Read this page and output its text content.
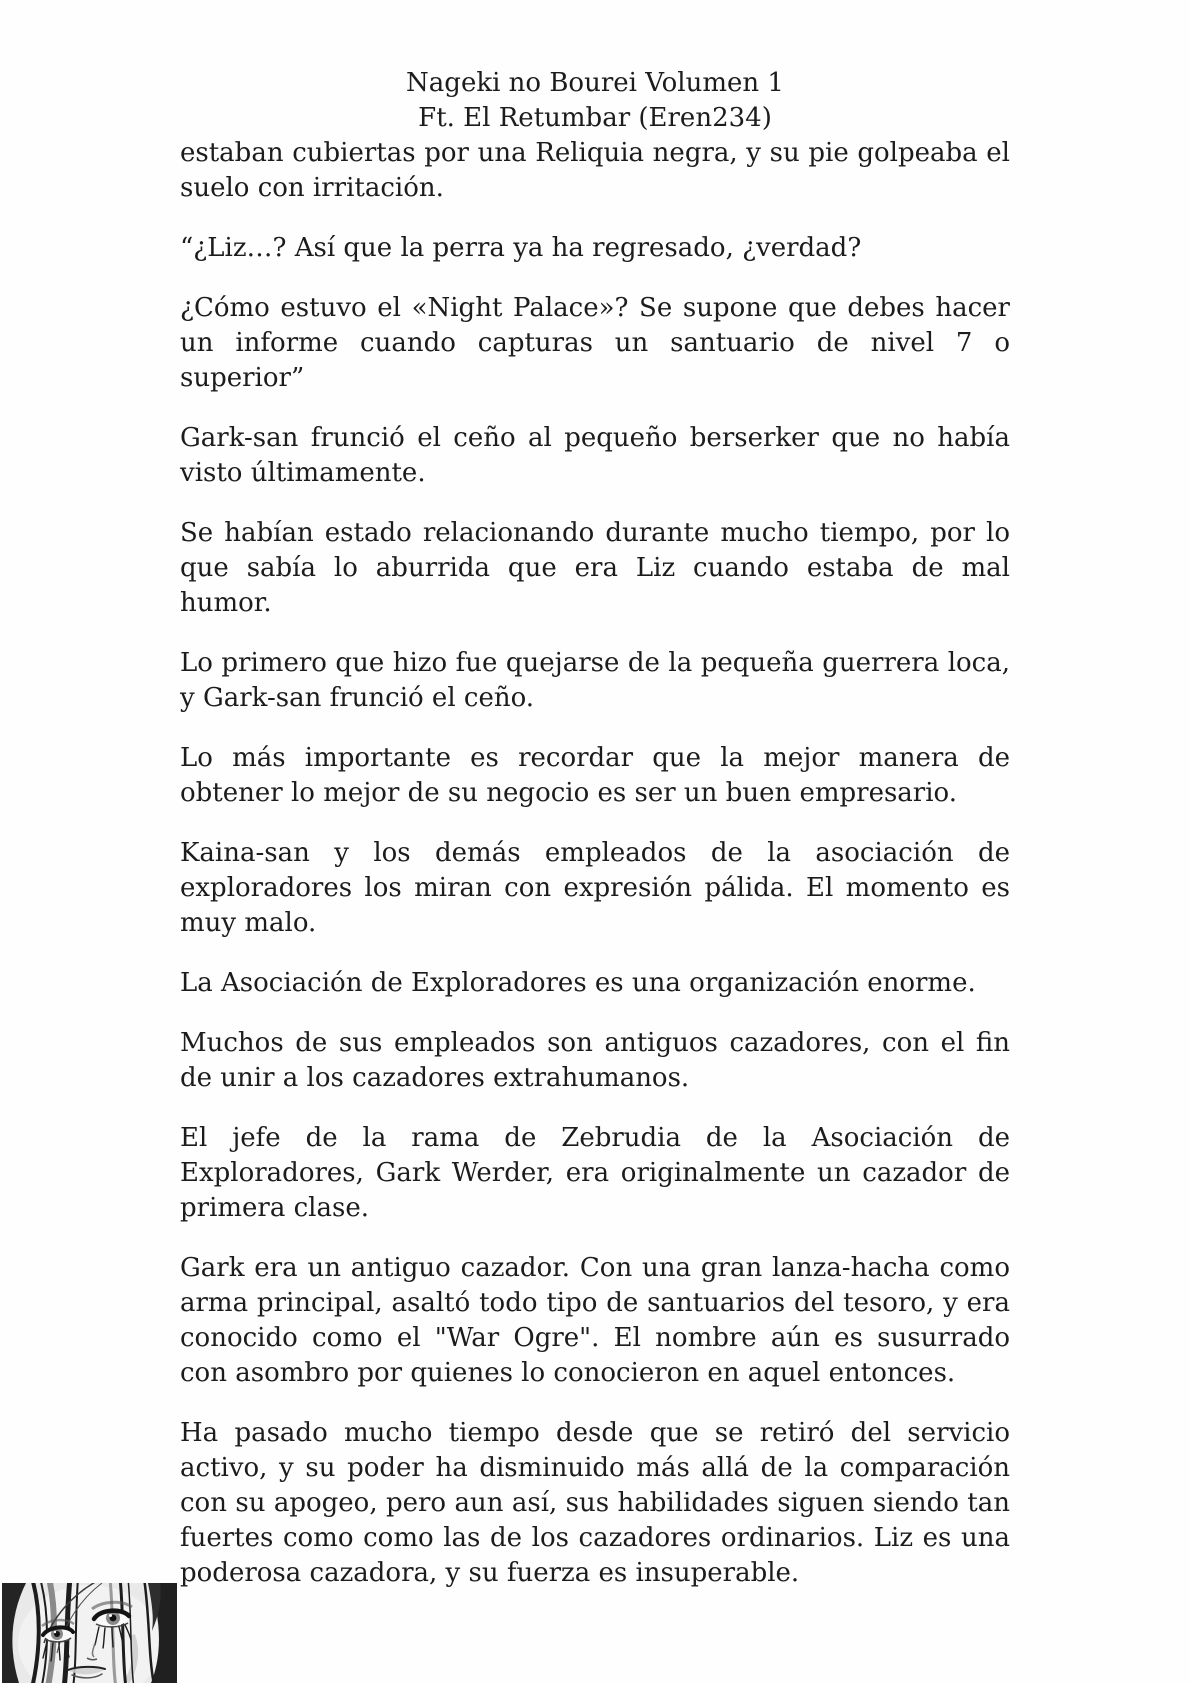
Nageki no Bourei Volumen 1
Ft. El Retumbar (Eren234)

estaban cubiertas por una Reliquia negra, y su pie golpeaba el suelo con irritación.

“¿Liz…? Así que la perra ya ha regresado, ¿verdad?

¿Cómo estuvo el «Night Palace»? Se supone que debes hacer un informe cuando capturas un santuario de nivel 7 o superior”

Gark-san frunció el ceño al pequeño berserker que no había visto últimamente.

Se habían estado relacionando durante mucho tiempo, por lo que sabía lo aburrida que era Liz cuando estaba de mal humor.

Lo primero que hizo fue quejarse de la pequeña guerrera loca, y Gark-san frunció el ceño.

Lo más importante es recordar que la mejor manera de obtener lo mejor de su negocio es ser un buen empresario.

Kaina-san y los demás empleados de la asociación de exploradores los miran con expresión pálida. El momento es muy malo.

La Asociación de Exploradores es una organización enorme.

Muchos de sus empleados son antiguos cazadores, con el fin de unir a los cazadores extrahumanos.

El jefe de la rama de Zebrudia de la Asociación de Exploradores, Gark Werder, era originalmente un cazador de primera clase.

Gark era un antiguo cazador. Con una gran lanza-hacha como arma principal, asaltó todo tipo de santuarios del tesoro, y era conocido como el "War Ogre". El nombre aún es susurrado con asombro por quienes lo conocieron en aquel entonces.

Ha pasado mucho tiempo desde que se retiró del servicio activo, y su poder ha disminuido más allá de la comparación con su apogeo, pero aun así, sus habilidades siguen siendo tan fuertes como como las de los cazadores ordinarios. Liz es una poderosa cazadora, y su fuerza es insuperable.
